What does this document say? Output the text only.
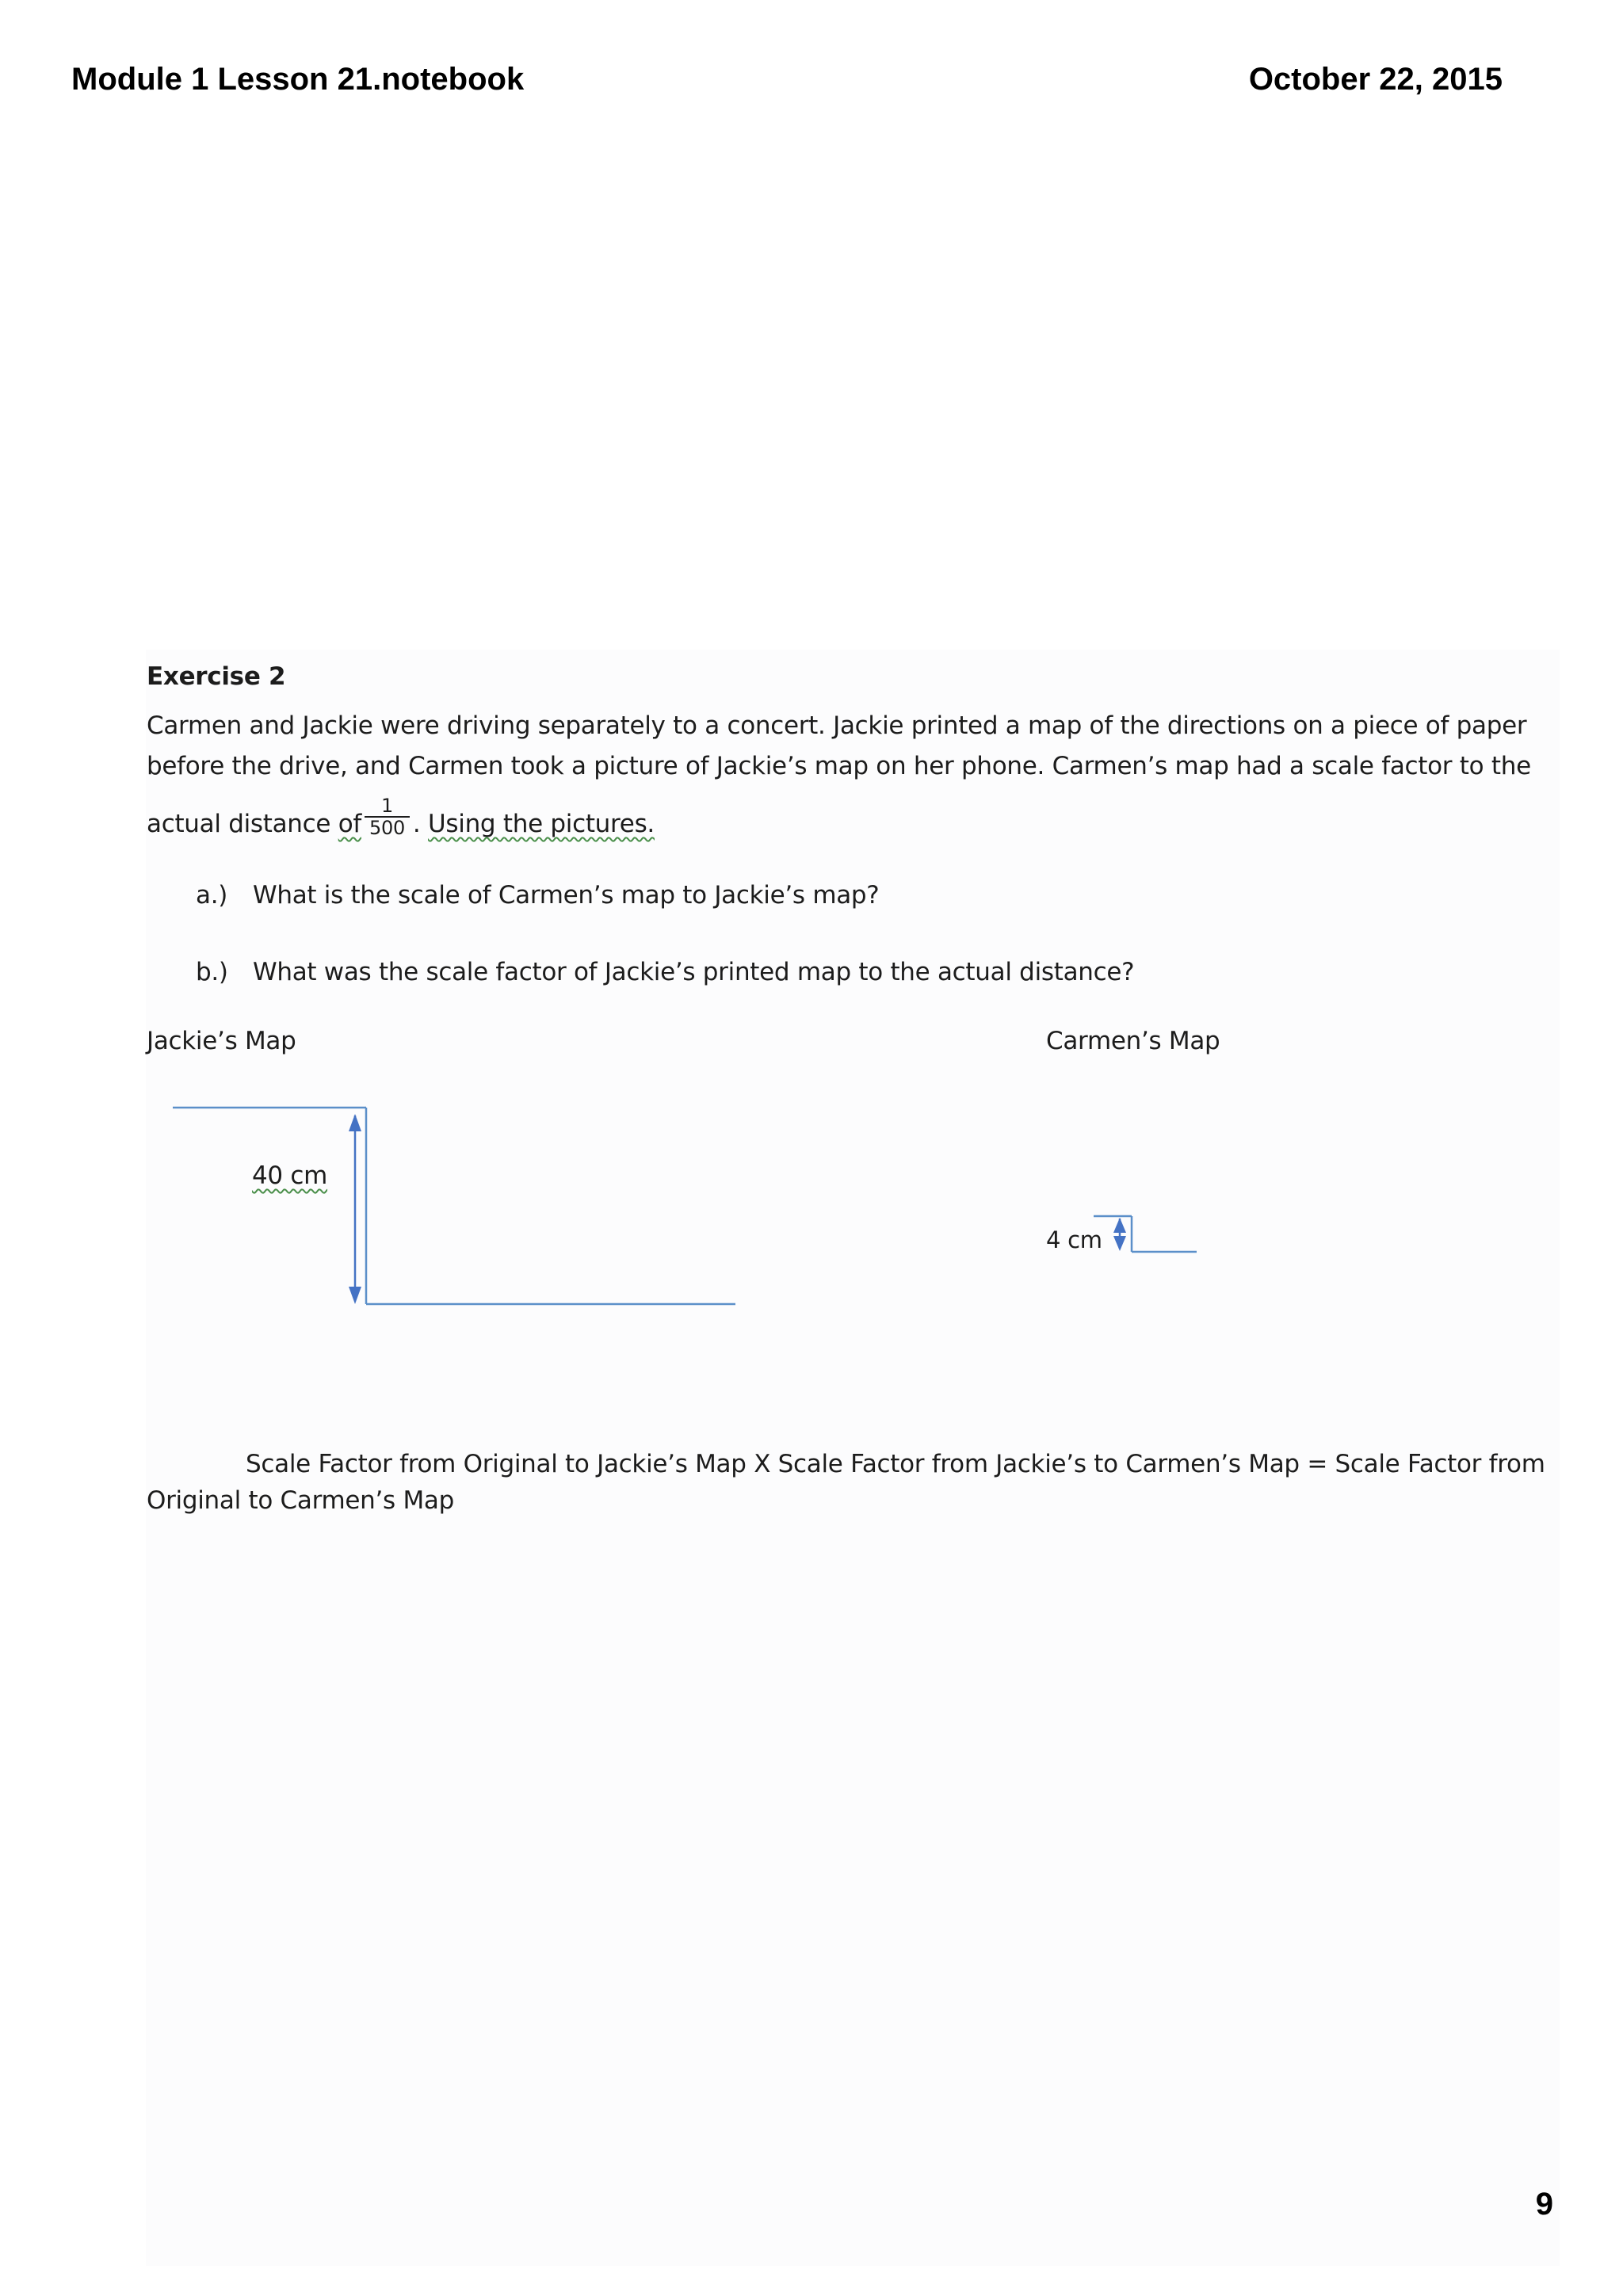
Module 1 Lesson 21.notebook	October 22, 2015
Exercise 2
Carmen and Jackie were driving separately to a concert. Jackie printed a map of the directions on a piece of paper
before the drive, and Carmen took a picture of Jackie’s map on her phone. Carmen’s map had a scale factor to the
actual distance of $\frac{1}{500}$ . Using the pictures.
a.) What is the scale of Carmen’s map to Jackie’s map?
b.) What was the scale factor of Jackie’s printed map to the actual distance?
Jackie’s Map	Carmen’s Map
40 cm
4 cm
Scale Factor from Original to Jackie’s Map X Scale Factor from Jackie’s to Carmen’s Map = Scale Factor from
Original to Carmen’s Map
9
